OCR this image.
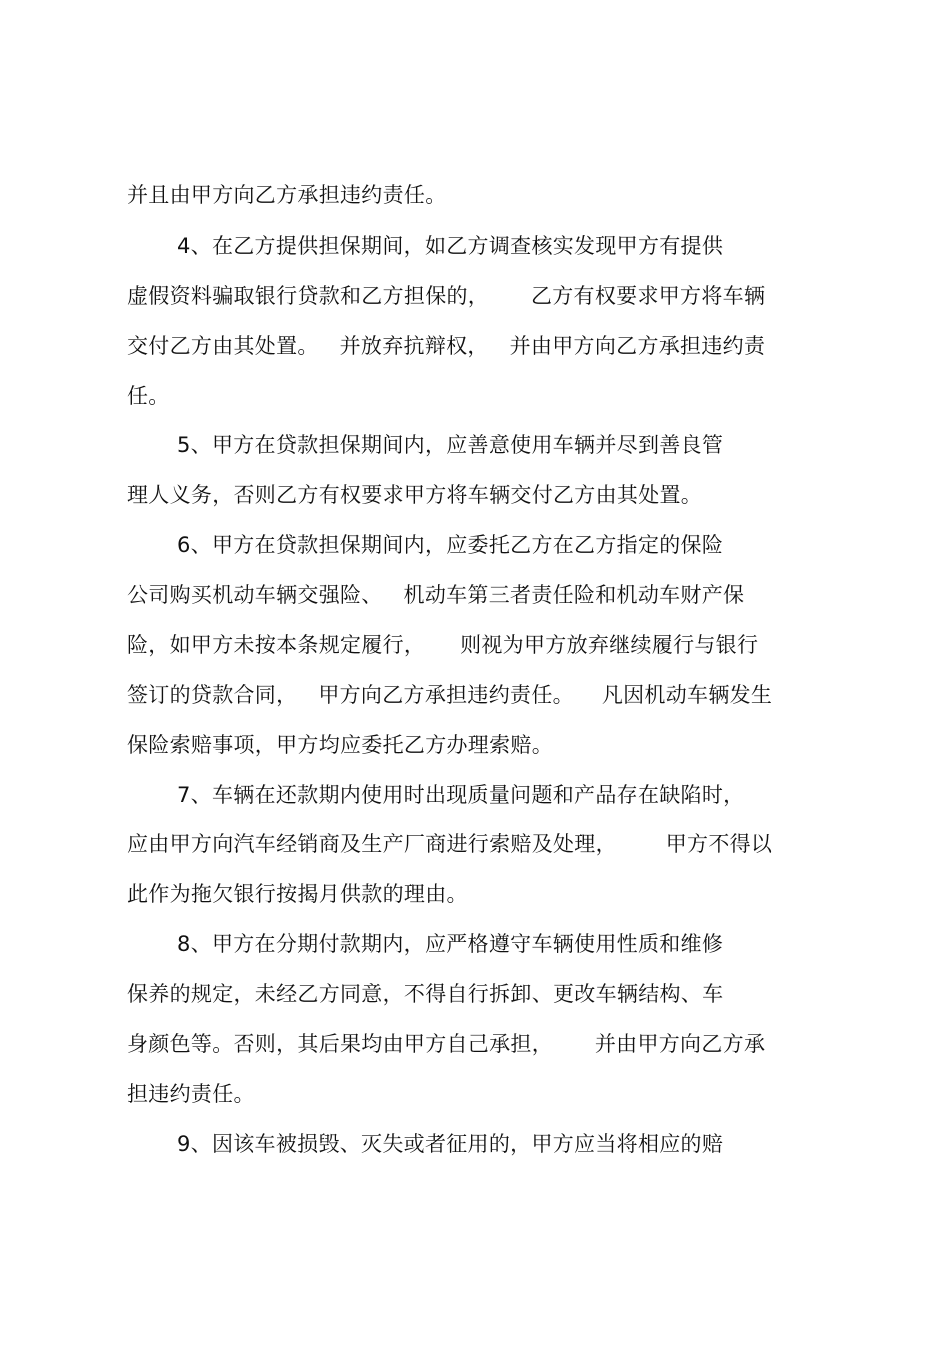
并且由甲方向乙方承担违约责任。
4、在乙方提供担保期间，如乙方调查核实发现甲方有提供
虚假资料骗取银行贷款和乙方担保的，      乙方有权要求甲方将车辆
交付乙方由其处置。   并放弃抗辩权，   并由甲方向乙方承担违约责
任。
5、甲方在贷款担保期间内，应善意使用车辆并尽到善良管
理人义务，否则乙方有权要求甲方将车辆交付乙方由其处置。
6、甲方在贷款担保期间内，应委托乙方在乙方指定的保险
公司购买机动车辆交强险、   机动车第三者责任险和机动车财产保
险，如甲方未按本条规定履行，     则视为甲方放弃继续履行与银行
签订的贷款合同，   甲方向乙方承担违约责任。    凡因机动车辆发生
保险索赔事项，甲方均应委托乙方办理索赔。
7、车辆在还款期内使用时出现质量问题和产品存在缺陷时，
应由甲方向汽车经销商及生产厂商进行索赔及处理，       甲方不得以
此作为拖欠银行按揭月供款的理由。
8、甲方在分期付款期内，应严格遵守车辆使用性质和维修
保养的规定，未经乙方同意，不得自行拆卸、更改车辆结构、车
身颜色等。否则，其后果均由甲方自己承担，      并由甲方向乙方承
担违约责任。
9、因该车被损毁、灭失或者征用的，甲方应当将相应的赔
